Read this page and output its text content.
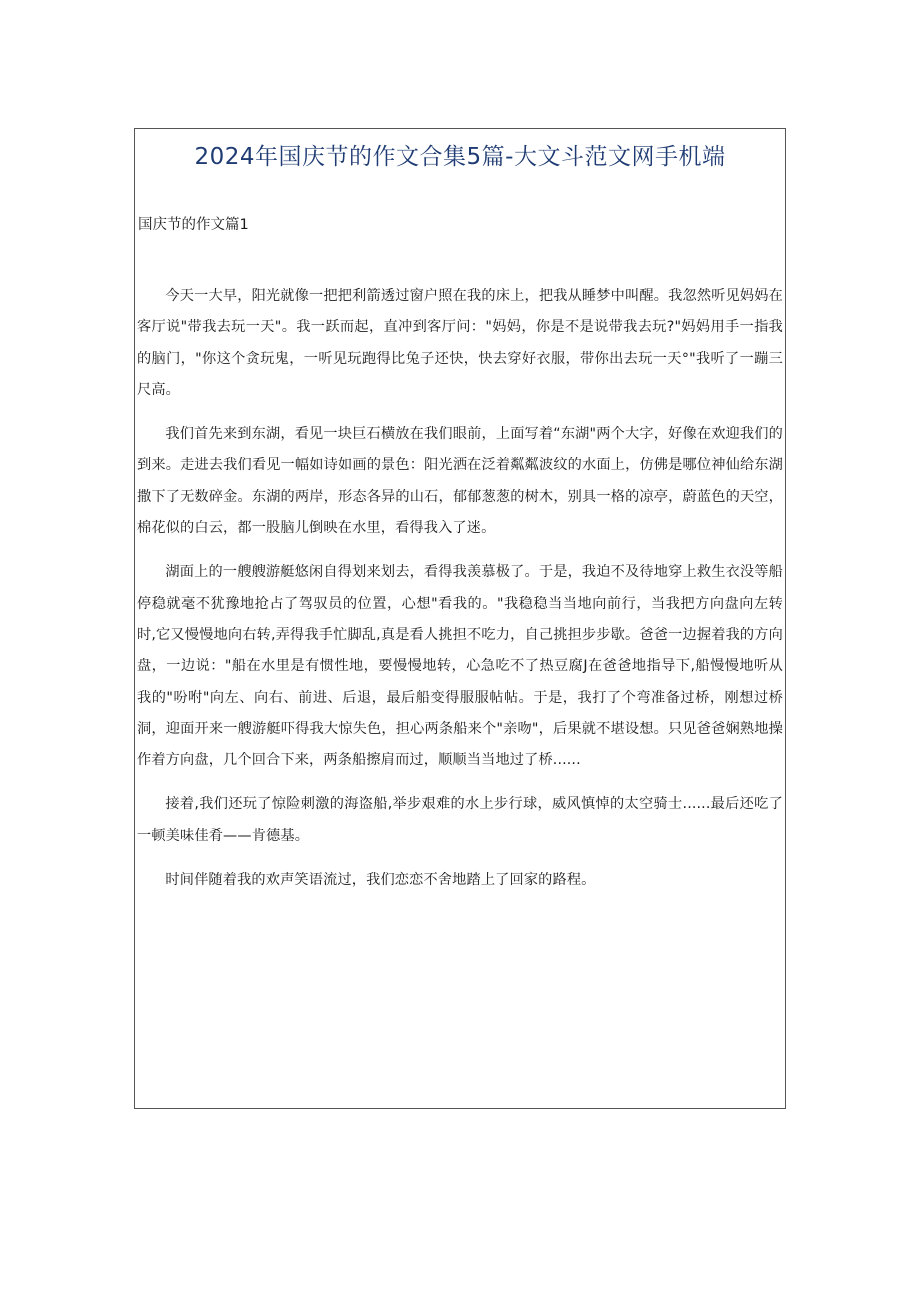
2024年国庆节的作文合集5篇-大文斗范文网手机端
国庆节的作文篇1

今天一大早，阳光就像一把把利箭透过窗户照在我的床上，把我从睡梦中叫醒。我忽然听见妈妈在客厅说"带我去玩一天"。我一跃而起，直冲到客厅问："妈妈，你是不是说带我去玩?"妈妈用手一指我的脑门，"你这个贪玩鬼，一听见玩跑得比兔子还快，快去穿好衣服，带你出去玩一天°"我听了一蹦三尺高。

我们首先来到东湖，看见一块巨石横放在我们眼前，上面写着“东湖"两个大字，好像在欢迎我们的到来。走进去我们看见一幅如诗如画的景色：阳光洒在泛着粼粼波纹的水面上，仿佛是哪位神仙给东湖撒下了无数碎金。东湖的两岸，形态各异的山石，郁郁葱葱的树木，别具一格的凉亭，蔚蓝色的天空，棉花似的白云，都一股脑儿倒映在水里，看得我入了迷。

湖面上的一艘艘游艇悠闲自得划来划去，看得我羡慕极了。于是，我迫不及待地穿上救生衣没等船停稳就毫不犹豫地抢占了驾驭员的位置，心想"看我的。"我稳稳当当地向前行，当我把方向盘向左转时,它又慢慢地向右转,弄得我手忙脚乱,真是看人挑担不吃力，自己挑担步步歇。爸爸一边握着我的方向盘，一边说："船在水里是有惯性地，要慢慢地转，心急吃不了热豆腐J在爸爸地指导下,船慢慢地听从我的"吩咐"向左、向右、前进、后退，最后船变得服服帖帖。于是，我打了个弯准备过桥，刚想过桥洞，迎面开来一艘游艇吓得我大惊失色，担心两条船来个"亲吻"，后果就不堪设想。只见爸爸娴熟地操作着方向盘，几个回合下来，两条船擦肩而过，顺顺当当地过了桥......

接着,我们还玩了惊险刺激的海盗船,举步艰难的水上步行球，威风慎悼的太空骑士......最后还吃了一顿美味佳肴——肯德基。

时间伴随着我的欢声笑语流过，我们恋恋不舍地踏上了回家的路程。
